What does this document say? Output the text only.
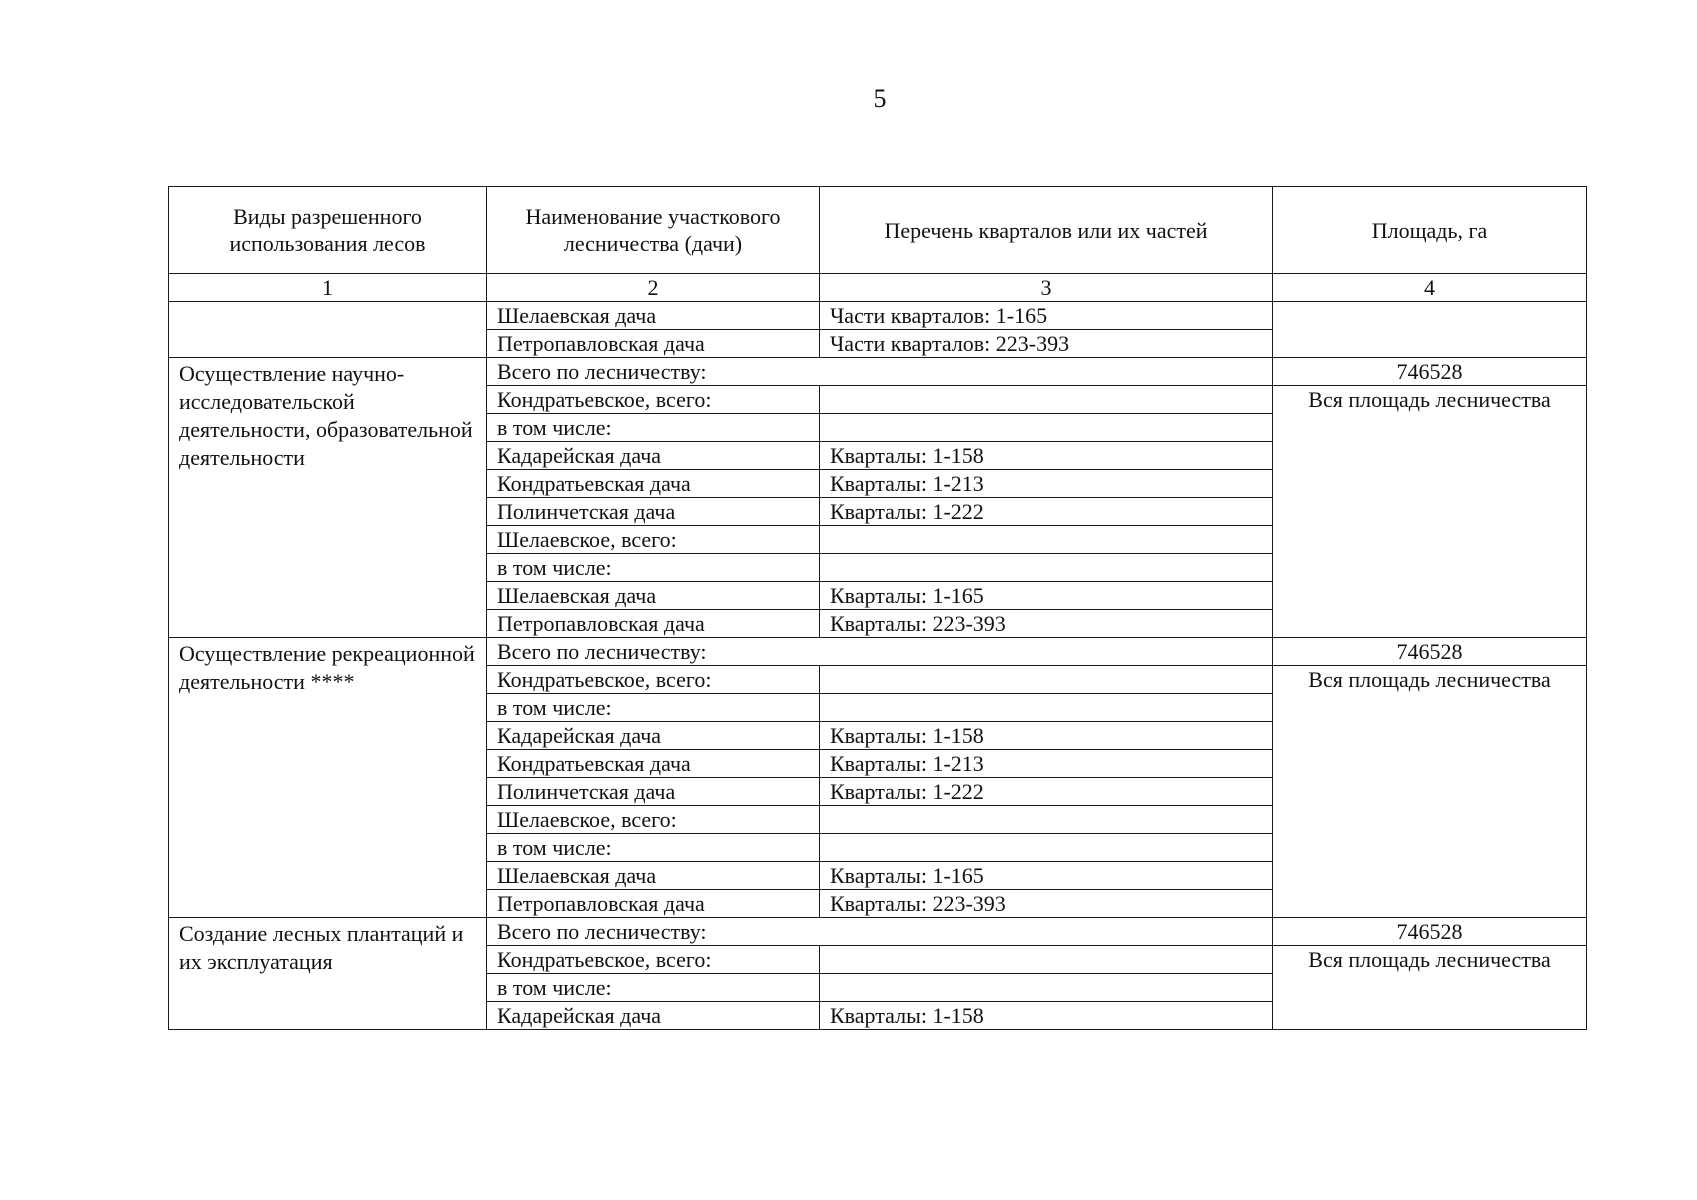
5
Виды разрешенного использования лесов	Наименование участкового лесничества (дачи)	Перечень кварталов или их частей	Площадь, га
1	2	3	4
	Шелаевская дача	Части кварталов: 1-165	
	Петропавловская дача	Части кварталов: 223-393	
Осуществление научно-исследовательской деятельности, образовательной деятельности	Всего по лесничеству:		746528
	Кондратьевское, всего:		Вся площадь лесничества
	в том числе:		
	Кадарейская дача	Кварталы: 1-158	
	Кондратьевская дача	Кварталы: 1-213	
	Полинчетская дача	Кварталы: 1-222	
	Шелаевское, всего:		
	в том числе:		
	Шелаевская дача	Кварталы: 1-165	
	Петропавловская дача	Кварталы: 223-393	
Осуществление рекреационной деятельности ****	Всего по лесничеству:		746528
	Кондратьевское, всего:		Вся площадь лесничества
	в том числе:		
	Кадарейская дача	Кварталы: 1-158	
	Кондратьевская дача	Кварталы: 1-213	
	Полинчетская дача	Кварталы: 1-222	
	Шелаевское, всего:		
	в том числе:		
	Шелаевская дача	Кварталы: 1-165	
	Петропавловская дача	Кварталы: 223-393	
Создание лесных плантаций и их эксплуатация	Всего по лесничеству:		746528
	Кондратьевское, всего:		Вся площадь лесничества
	в том числе:		
	Кадарейская дача	Кварталы: 1-158	
